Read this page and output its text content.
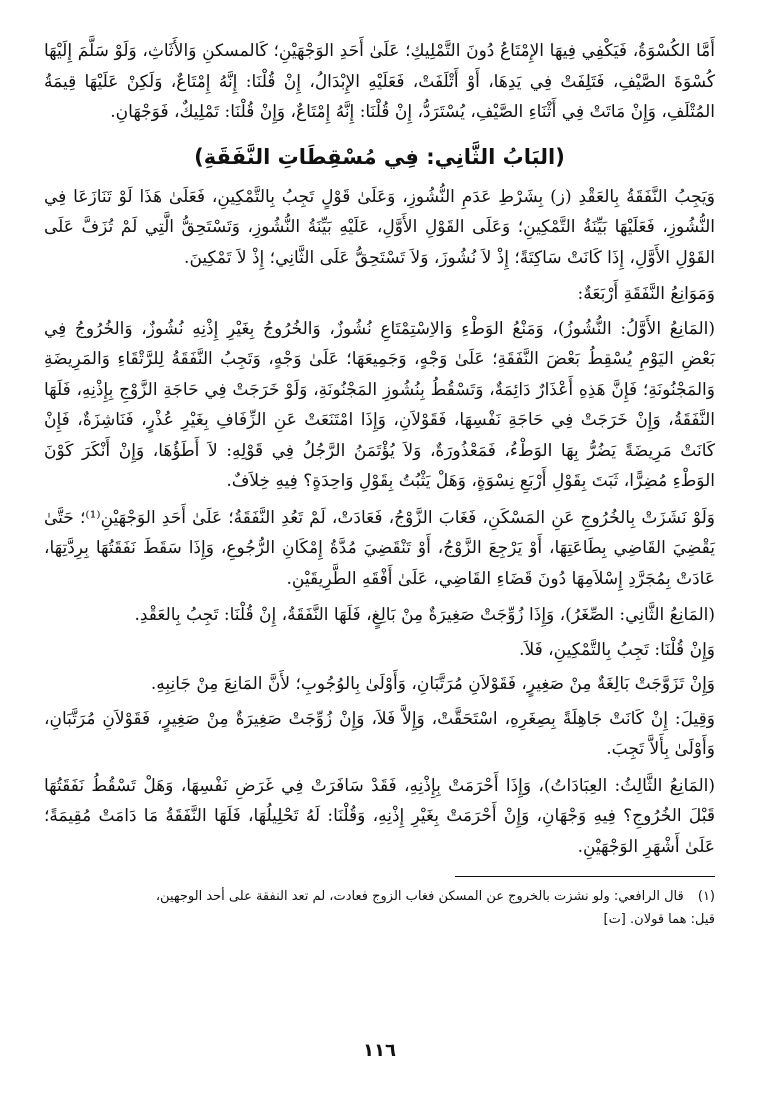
أَمَّا الكُسْوَةُ، فَيَكْفِي فِيهَا الإِمْتَاعُ دُونَ التَّمْلِيكِ؛ عَلَىٰ أَحَدِ الوَجْهَيْنِ؛ كَالمسكنِ وَالأَثَاثِ، وَلَوْ سَلَّمَ إِلَيْهَا كُسْوَةَ الصَّيْفِ، فَتَلِفَتْ فِي يَدِهَا، أَوْ أَتْلَفَتْ، فَعَلَيْهِ الإِبْدَالُ، إِنْ قُلْنَا: إِنَّهُ إِمْتَاعٌ، وَلَكِنْ عَلَيْهَا قِيمَةُ المُتْلَفِ، وَإِنْ مَاتَتْ فِي أَثْنَاءِ الصَّيْفِ، يُسْتَرَدُّ، إِنْ قُلْنَا: إِنَّهُ إِمْتَاعٌ، وَإِنْ قُلْنَا: تَمْلِيكٌ، فَوَجْهَانِ.

(البَابُ الثَّانِي: فِي مُسْقِطَاتِ النَّفَقَةِ)

وَيَجِبُ النَّفَقَةُ بِالعَقْدِ (ز) بِشَرْطِ عَدَمِ النُّشُوزِ، وَعَلَىٰ قَوْلٍ تَجِبُ بِالتَّمْكِينِ، فَعَلَىٰ هَذَا لَوْ تَنَازَعَا فِي النُّشُوزِ، فَعَلَيْهَا بَيِّنَةُ التَّمْكِينِ؛ وَعَلَى القَوْلِ الأَوَّلِ، عَلَيْهِ بَيِّنَةُ النُّشُوزِ، وَتَسْتَحِقُّ الَّتِي لَمْ تُزَفَّ عَلَى القَوْلِ الأَوَّلِ، إِذَا كَانَتْ سَاكِتَةً؛ إِذْ لاَ نُشُوزَ، وَلاَ تَسْتَحِقُّ عَلَى الثَّانِي؛ إِذْ لاَ تَمْكِينَ.

وَمَوَانِعُ النَّفَقَةِ أَرْبَعَةٌ:

(المَانِعُ الأَوَّلُ: النُّشُوزُ)، وَمَنْعُ الوَطْءِ وَالاِسْتِمْتَاعِ نُشُوزٌ، وَالخُرُوجُ بِغَيْرِ إِذْنِهِ نُشُوزٌ، وَالخُرُوجُ فِي بَعْضِ اليَوْمِ يُسْقِطُ بَعْضَ النَّفَقَةِ؛ عَلَىٰ وَجْهٍ، وَجَمِيعَهَا؛ عَلَىٰ وَجْهٍ، وَتَجِبُ النَّفَقَةُ لِلرَّتْقَاءِ وَالمَرِيضَةِ وَالمَجْنُونَةِ؛ فَإِنَّ هَذِهِ أَعْذَارٌ دَائِمَةٌ، وَتَسْقُطُ بِنُشُوزِ المَجْنُونَةِ، وَلَوْ خَرَجَتْ فِي حَاجَةِ الزَّوْجِ بِإِذْنِهِ، فَلَهَا النَّفَقَةُ، وَإِنْ خَرَجَتْ فِي حَاجَةِ نَفْسِهَا، فَقَوْلاَنِ، وَإِذَا امْتَنَعَتْ عَنِ الزِّفَافِ بِغَيْرِ عُذْرٍ، فَنَاشِزَةٌ، فَإِنْ كَانَتْ مَرِيضَةً يَضُرُّ بِهَا الوَطْءُ، فَمَعْذُورَةٌ، وَلاَ يُؤْتَمَنُ الرَّجُلُ فِي قَوْلِهِ: لاَ أَطَؤُهَا، وَإِنْ أَنْكَرَ كَوْنَ الوَطْءِ مُضِرًّا، ثَبَتَ بِقَوْلِ أَرْبَعِ نِسْوَةٍ، وَهَلْ يَثْبُتُ بِقَوْلِ وَاحِدَةٍ؟ فِيهِ خِلاَفٌ.

وَلَوْ نَشَزَتْ بِالخُرُوجِ عَنِ المَسْكَنِ، فَغَابَ الزَّوْجُ، فَعَادَتْ، لَمْ تَعُدِ النَّفَقَةُ؛ عَلَىٰ أَحَدِ الوَجْهَيْنِ⁽¹⁾؛ حَتَّىٰ يَقْضِيَ القَاضِي بِطَاعَتِهَا، أَوْ يَرْجِعَ الزَّوْجُ، أَوْ تَنْقَضِيَ مُدَّةُ إِمْكَانِ الرُّجُوعِ، وَإِذَا سَقَطَ نَفَقَتُهَا بِرِدَّتِهَا، عَادَتْ بِمُجَرَّدِ إِسْلاَمِهَا دُونَ قَضَاءِ القَاضِي، عَلَىٰ أَفْقَهِ الطَّرِيقَيْنِ.

(المَانِعُ الثَّانِي: الصِّغَرُ)، وَإِذَا زُوِّجَتْ صَغِيرَةٌ مِنْ بَالِغٍ، فَلَهَا النَّفَقَةُ، إِنْ قُلْنَا: تَجِبُ بِالعَقْدِ.

وَإِنْ قُلْنَا: تَجِبُ بِالتَّمْكِينِ، فَلاَ.

وَإِنْ تَزَوَّجَتْ بَالِغَةٌ مِنْ صَغِيرٍ، فَقَوْلاَنِ مُرَتَّبَانِ، وَأَوْلَىٰ بِالوُجُوبِ؛ لأَنَّ المَانِعَ مِنْ جَانِبِهِ.

وَقِيلَ: إِنْ كَانَتْ جَاهِلَةً بِصِغَرِهِ، اسْتَحَقَّتْ، وَإِلاَّ فَلاَ، وَإِنْ زُوِّجَتْ صَغِيرَةٌ مِنْ صَغِيرٍ، فَقَوْلاَنِ مُرَتَّبَانِ، وَأَوْلَىٰ بِأَلاَّ تَجِبَ.

(المَانِعُ الثَّالِثُ: العِبَادَاتُ)، وَإِذَا أَحْرَمَتْ بِإِذْنِهِ، فَقَدْ سَافَرَتْ فِي غَرَضِ نَفْسِهَا، وَهَلْ تَسْقُطُ نَفَقَتُهَا قَبْلَ الخُرُوجِ؟ فِيهِ وَجْهَانِ، وَإِنْ أَحْرَمَتْ بِغَيْرِ إِذْنِهِ، وَقُلْنَا: لَهُ تَحْلِيلُهَا، فَلَهَا النَّفَقَةُ مَا دَامَتْ مُقِيمَةً؛ عَلَىٰ أَشْهَرِ الوَجْهَيْنِ.

(١) قال الرافعي: ولو نشزت بالخروج عن المسكن فغاب الزوج فعادت، لم تعد النفقة على أحد الوجهين،
قيل: هما قولان. [ت]

١١٦
